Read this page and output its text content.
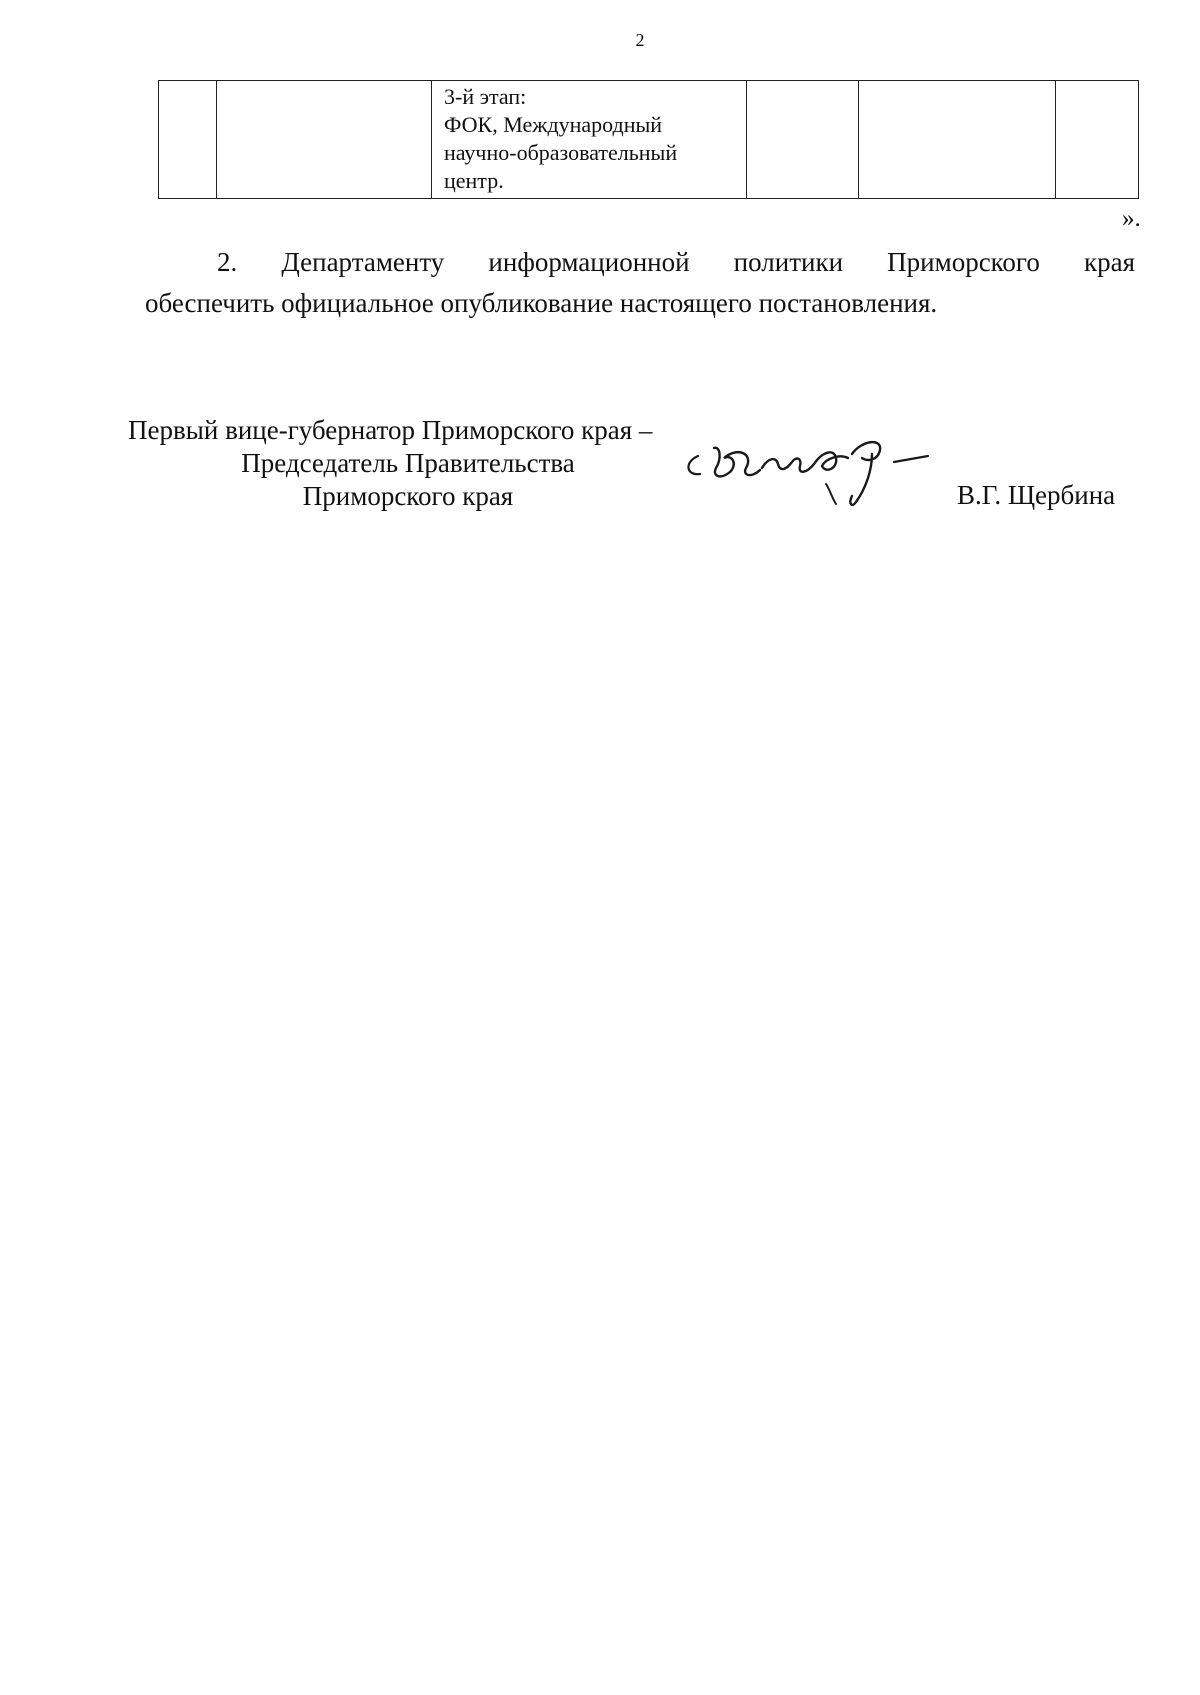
2

3-й этап:
ФОК, Международный
научно-образовательный
центр.

».
2. Департаменту информационной политики Приморского края
обеспечить официальное опубликование настоящего постановления.
Первый вице-губернатор Приморского края –
Председатель Правительства
Приморского края	В.Г. Щербина
